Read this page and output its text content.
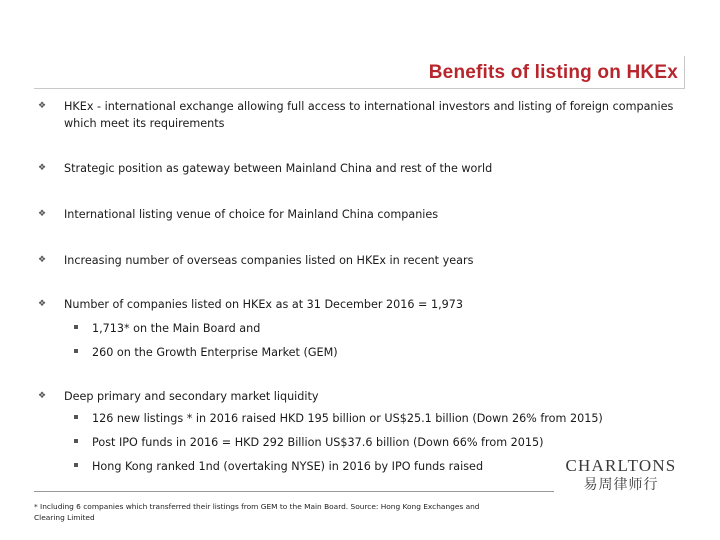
Benefits of listing on HKEx
❖ HKEx - international exchange allowing full access to international investors and listing of foreign companies
which meet its requirements
❖ Strategic position as gateway between Mainland China and rest of the world
❖ International listing venue of choice for Mainland China companies
❖ Increasing number of overseas companies listed on HKEx in recent years
❖ Number of companies listed on HKEx as at 31 December 2016 = 1,973
1,713* on the Main Board and
260 on the Growth Enterprise Market (GEM)
❖ Deep primary and secondary market liquidity
126 new listings * in 2016 raised HKD 195 billion or US$25.1 billion (Down 26% from 2015)
Post IPO funds in 2016 = HKD 292 Billion US$37.6 billion (Down 66% from 2015)
Hong Kong ranked 1nd (overtaking NYSE) in 2016 by IPO funds raised	CHARLTONS
易周律师行
* Including 6 companies which transferred their listings from GEM to the Main Board. Source: Hong Kong Exchanges and
Clearing Limited
